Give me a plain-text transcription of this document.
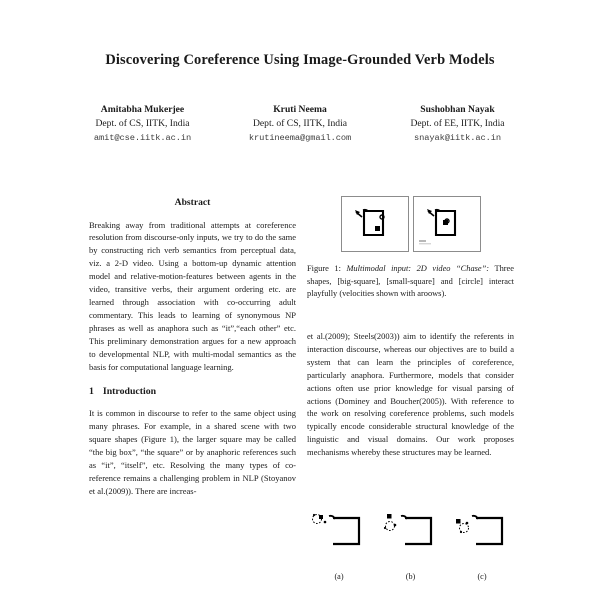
Discovering Coreference Using Image-Grounded Verb Models
Amitabha Mukerjee
Dept. of CS, IITK, India
amit@cse.iitk.ac.in
Kruti Neema
Dept. of CS, IITK, India
krutineema@gmail.com
Sushobhan Nayak
Dept. of EE, IITK, India
snayak@iitk.ac.in
Abstract

Breaking away from traditional attempts at coreference resolution from discourse-only inputs, we try to do the same by constructing rich verb semantics from perceptual data, viz. a 2-D video. Using a bottom-up dynamic attention model and relative-motion-features between agents in the video, transitive verbs, their argument ordering etc. are learned through association with co-occurring adult commentary. This leads to learning of synonymous NP phrases as well as anaphora such as “it”,“each other” etc. This preliminary demonstration argues for a new approach to developmental NLP, with multi-modal semantics as the basis for computational language learning.

1 Introduction

It is common in discourse to refer to the same object using many phrases. For example, in a shared scene with two square shapes (Figure 1), the larger square may be called “the big box”, “the square” or by anaphoric references such as “it”, “itself”, etc. Resolving the many types of co-reference remains a challenging problem in NLP (Stoyanov et al.(2009)). There are increas-

Figure 1: Multimodal input: 2D video “Chase”: Three shapes, [big-square], [small-square] and [circle] interact playfully (velocities shown with aroows).

et al.(2009); Steels(2003)) aim to identify the referents in interaction discourse, whereas our objectives are to build a system that can learn the principles of coreference, particularly anaphora. Furthermore, models that consider actions often use prior knowledge for visual parsing of actions (Dominey and Boucher(2005)). With reference to the work on resolving coreference problems, such models typically encode considerable structural knowledge of the linguistic and visual domains. Our work proposes mechanisms whereby these structures may be learned.

(a)	(b)	(c)
